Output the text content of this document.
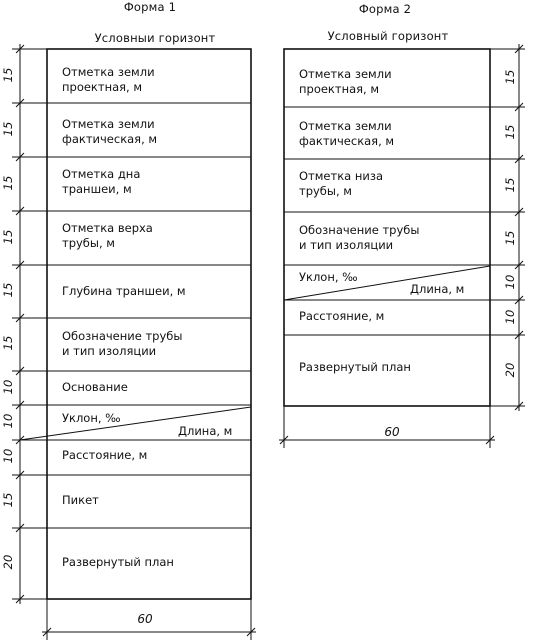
Форма 1	Форма 2
Условныи горизонт	Условный горизонт
Отметка земли
проектная, м
Отметка земли
фактическая, м
Отметка дна
траншеи, м
Отметка верха
трубы, м
Глубина траншеи, м
Обозначение трубы
и тип изоляции
Основание
Уклон, ‰
Длина, м
Расстояние, м
Пикет
Развернутый план
15
15
15
15
15
15
10
10
10
15
20
60
Отметка земли
проектная, м
Отметка земли
фактическая, м
Отметка низа
трубы, м
Обозначение трубы
и тип изоляции
Уклон, ‰
Длина, м
Расстояние, м
Развернутый план
15
15
15
15
10
10
20
60
